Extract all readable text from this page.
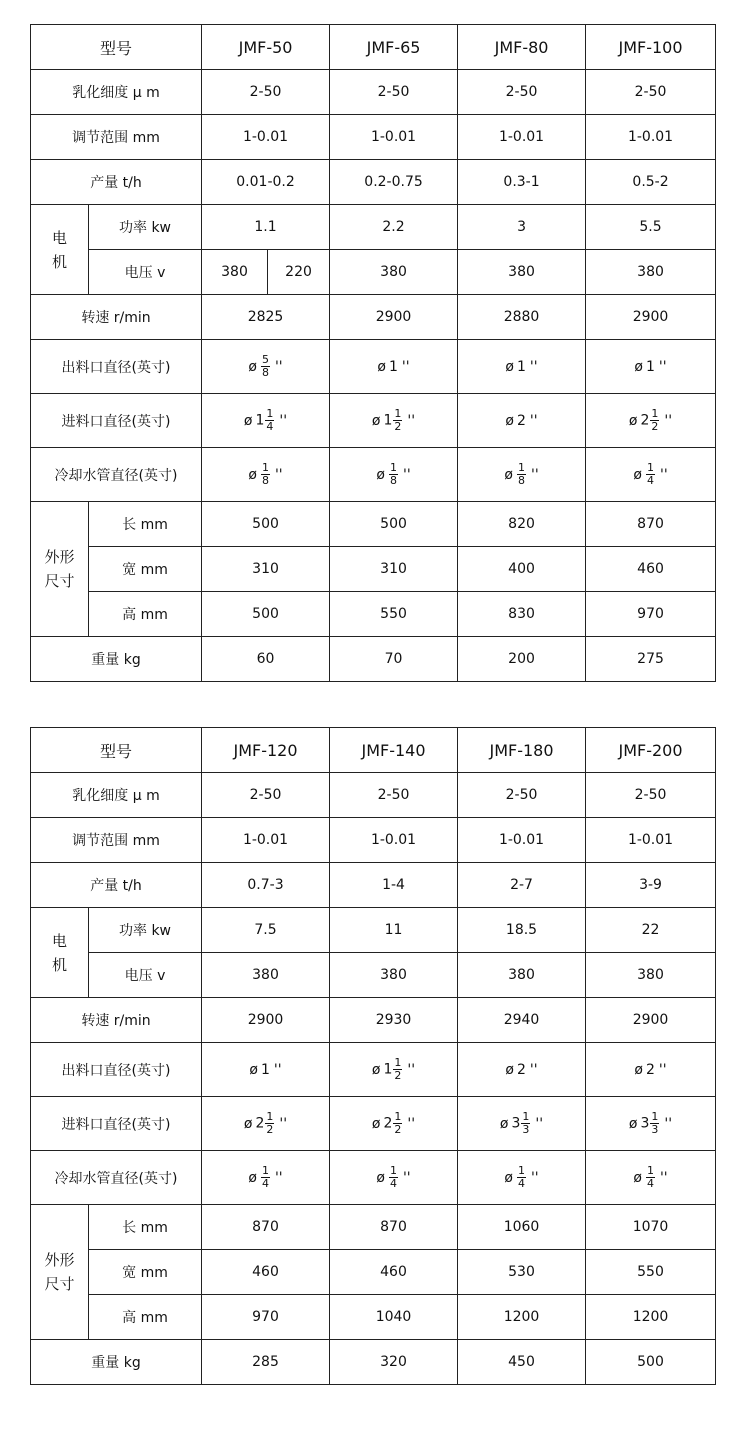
型号		JMF-50		JMF-65	JMF-80	JMF-100
乳化细度 μ m		2-50		2-50	2-50	2-50
调节范围 mm		1-0.01		1-0.01	1-0.01	1-0.01
产量 t/h		0.01-0.2		0.2-0.75	0.3-1	0.5-2
电
机	功率 kw	1.1		2.2	3	5.5
	电压 v	380	220	380	380	380
转速 r/min		2825		2900	2880	2900
出料口直径(英寸)		ø $\frac{5}{8}$ ''		ø 1 ''	ø 1 ''	ø 1 ''
进料口直径(英寸)		ø $1 \frac{1}{4}$ ''		ø $1 \frac{1}{2}$ ''	ø 2 ''	ø $2 \frac{1}{2}$ ''
冷却水管直径(英寸)		ø $\frac{1}{8}$ ''		ø $\frac{1}{8}$ ''	ø $\frac{1}{8}$ ''	ø $\frac{1}{4}$ ''
外形
尺寸	长 mm	500		500	820	870
	宽 mm	310		310	400	460
	高 mm	500		550	830	970
重量 kg		60		70	200	275
型号		JMF-120	JMF-140	JMF-180	JMF-200
乳化细度 μ m		2-50	2-50	2-50	2-50
调节范围 mm		1-0.01	1-0.01	1-0.01	1-0.01
产量 t/h		0.7-3	1-4	2-7	3-9
电
机	功率 kw	7.5	11	18.5	22
	电压 v	380	380	380	380
转速 r/min		2900	2930	2940	2900
出料口直径(英寸)		ø 1 ''	ø $1 \frac{1}{2}$ ''	ø 2 ''	ø 2 ''
进料口直径(英寸)		ø $2 \frac{1}{2}$ ''	ø $2 \frac{1}{2}$ ''	ø $3 \frac{1}{3}$ ''	ø $3 \frac{1}{3}$ ''
冷却水管直径(英寸)		ø $\frac{1}{4}$ ''	ø $\frac{1}{4}$ ''	ø $\frac{1}{4}$ ''	ø $\frac{1}{4}$ ''
外形
尺寸	长 mm	870	870	1060	1070
	宽 mm	460	460	530	550
	高 mm	970	1040	1200	1200
重量 kg		285	320	450	500
